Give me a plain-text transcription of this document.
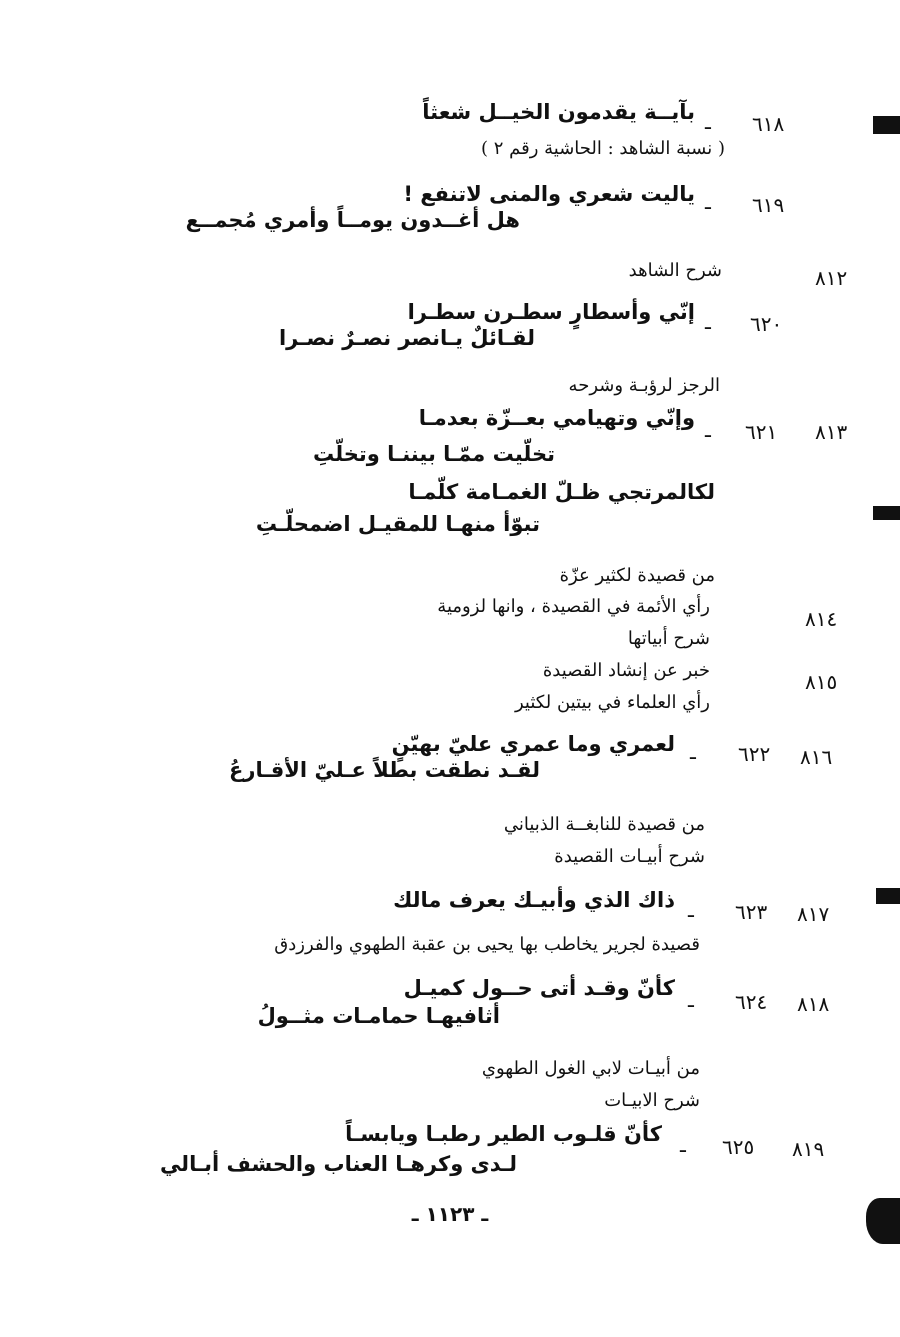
٦١٨
ـ
بآيــة يقدمون الخيــل شعثاً
( نسبة الشاهد : الحاشية رقم ٢ )
٦١٩
ـ
ياليت شعري والمنى لاتنفع !
هل أغــدون يومــاً وأمري مُجمــع
٨١٢
شرح الشاهد
٦٢٠
ـ
إنّي وأسطارٍ سطـرن سطـرا
لقـائلٌ يـانصر نصـرٌ نصـرا
الرجز لرؤبـة وشرحه
٨١٣
٦٢١
ـ
وإنّي وتهيامي بعــزّة بعدمـا
تخلّيت ممّـا بيننـا وتخلّتِ
لكالمرتجي ظـلّ الغمـامة كلّمـا
تبوّأ منهـا للمقيـل اضمحلّـتِ
من قصيدة لكثير عزّة
٨١٤
رأي الأئمة في القصيدة ، وانها لزومية
شرح أبياتها
٨١٥
خبر عن إنشاد القصيدة
رأي العلماء في بيتين لكثير
٨١٦
٦٢٢
ـ
لعمري وما عمري عليّ بهيّنٍ
لقـد نطقت بطلاً عـليّ الأقـارعُ
من قصيدة للنابغــة الذبياني
شرح أبيـات القصيدة
٨١٧
٦٢٣
ـ
ذاك الذي وأبيـك يعرف مالك
قصيدة لجرير يخاطب بها يحيى بن عقبة الطهوي والفرزدق
٨١٨
٦٢٤
ـ
كأنّ وقـد أتى حــول كميـل
أثافيهـا حمامـات مثــولُ
من أبيـات لابي الغول الطهوي
شرح الابيـات
٨١٩
٦٢٥
ـ
كأنّ قلـوب الطير رطبـا ويابسـاً
لـدى وكرهـا العناب والحشف أبـالي
ـ ١١٢٣ ـ
